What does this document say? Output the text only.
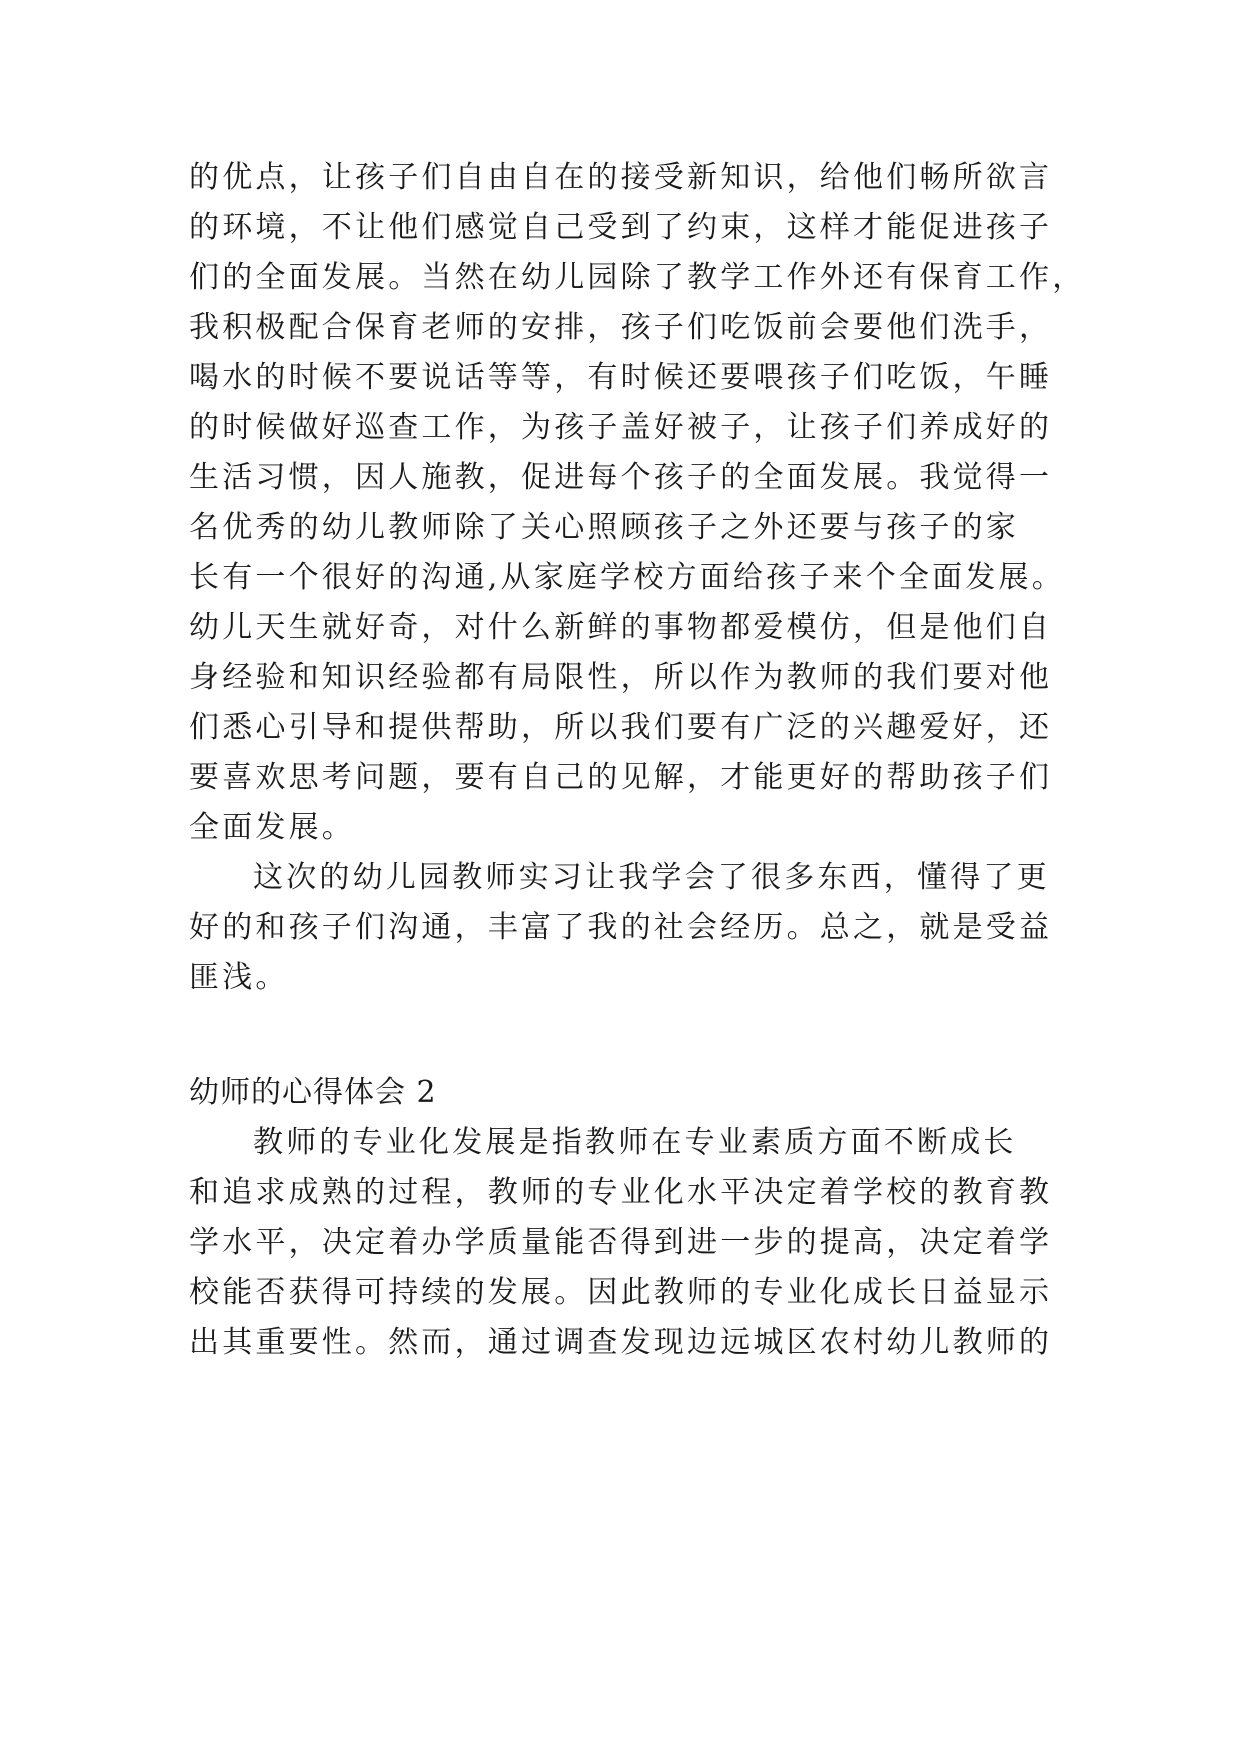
的优点，让孩子们自由自在的接受新知识，给他们畅所欲言
的环境，不让他们感觉自己受到了约束，这样才能促进孩子
们的全面发展。当然在幼儿园除了教学工作外还有保育工作，
我积极配合保育老师的安排，孩子们吃饭前会要他们洗手，
喝水的时候不要说话等等，有时候还要喂孩子们吃饭，午睡
的时候做好巡查工作，为孩子盖好被子，让孩子们养成好的
生活习惯，因人施教，促进每个孩子的全面发展。我觉得一
名优秀的幼儿教师除了关心照顾孩子之外还要与孩子的家
长有一个很好的沟通,从家庭学校方面给孩子来个全面发展。
幼儿天生就好奇，对什么新鲜的事物都爱模仿，但是他们自
身经验和知识经验都有局限性，所以作为教师的我们要对他
们悉心引导和提供帮助，所以我们要有广泛的兴趣爱好，还
要喜欢思考问题，要有自己的见解，才能更好的帮助孩子们
全面发展。
这次的幼儿园教师实习让我学会了很多东西，懂得了更
好的和孩子们沟通，丰富了我的社会经历。总之，就是受益
匪浅。
幼师的心得体会 2
教师的专业化发展是指教师在专业素质方面不断成长
和追求成熟的过程，教师的专业化水平决定着学校的教育教
学水平，决定着办学质量能否得到进一步的提高，决定着学
校能否获得可持续的发展。因此教师的专业化成长日益显示
出其重要性。然而，通过调查发现边远城区农村幼儿教师的
